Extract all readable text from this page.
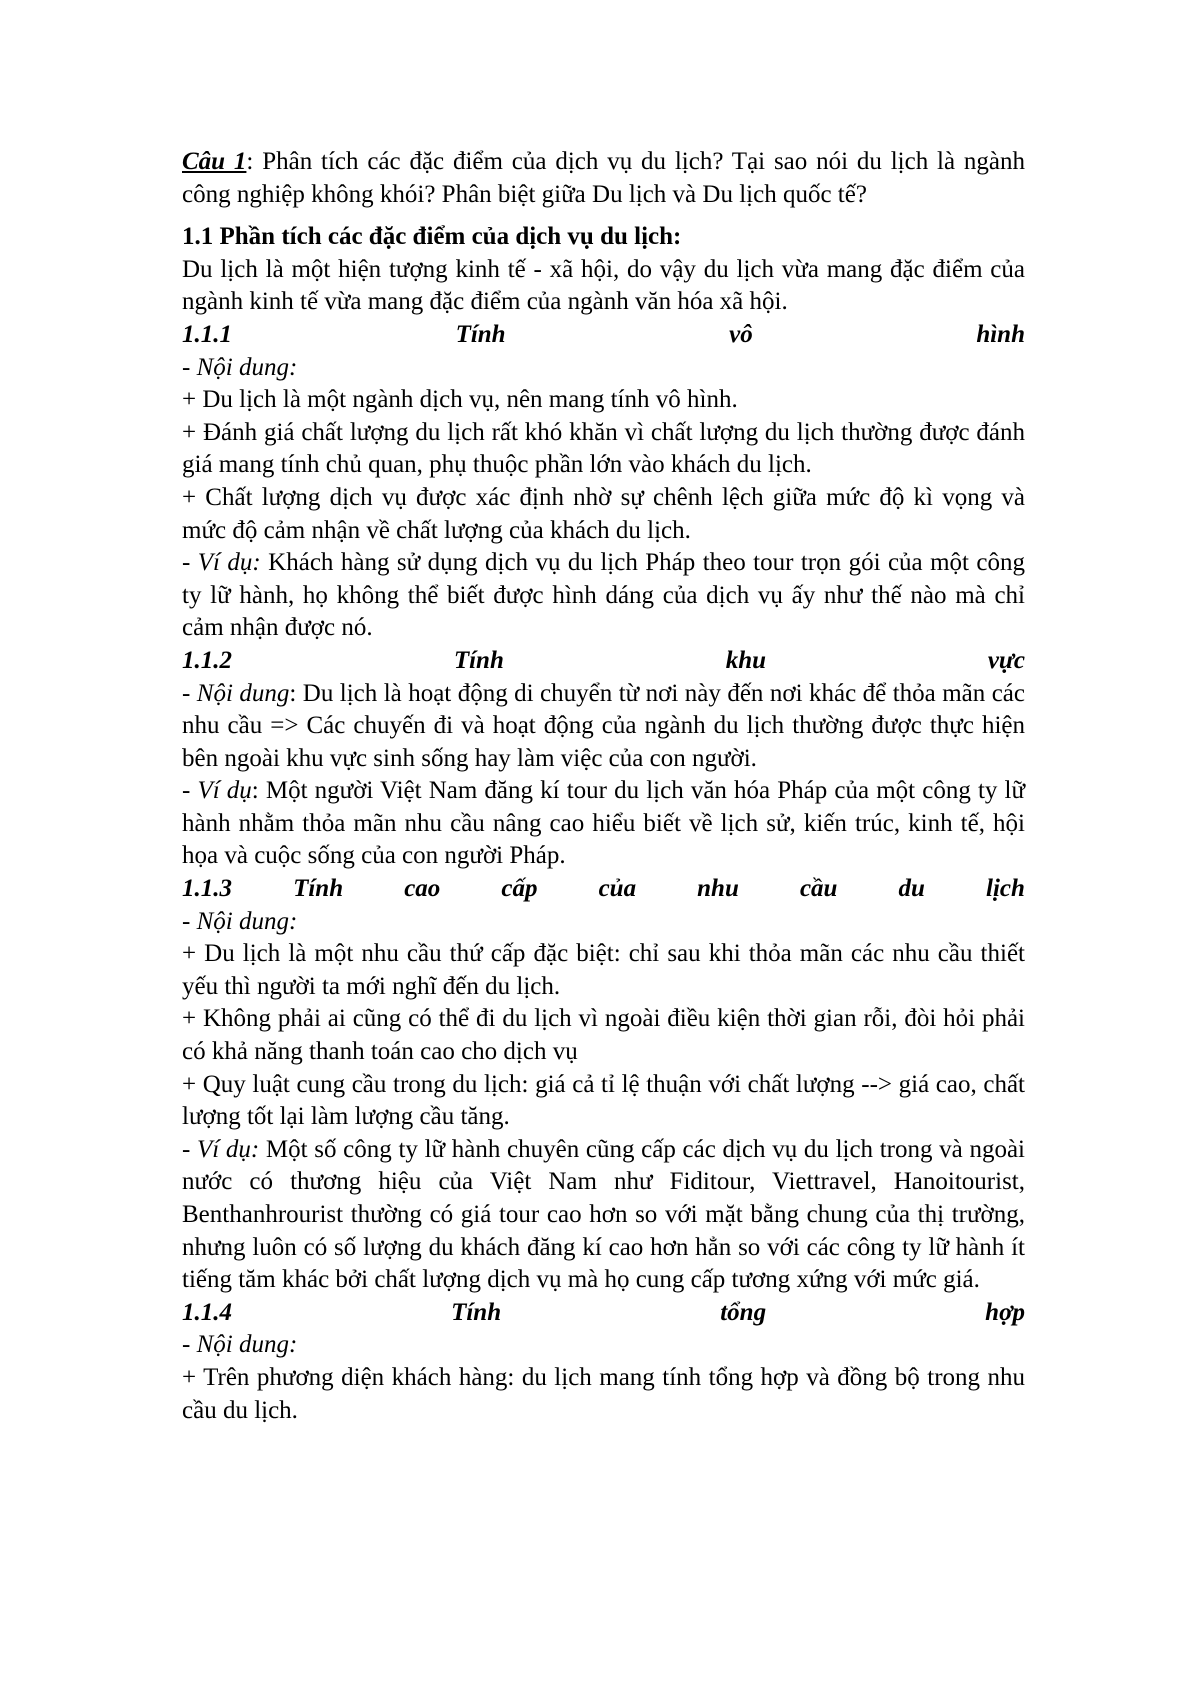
Câu 1: Phân tích các đặc điểm của dịch vụ du lịch? Tại sao nói du lịch là ngành công nghiệp không khói? Phân biệt giữa Du lịch và Du lịch quốc tế?

1.1 Phần tích các đặc điểm của dịch vụ du lịch:

Du lịch là một hiện tượng kinh tế - xã hội, do vậy du lịch vừa mang đặc điểm của ngành kinh tế vừa mang đặc điểm của ngành văn hóa xã hội.

1.1.1	Tính	vô	hình

- Nội dung:

+ Du lịch là một ngành dịch vụ, nên mang tính vô hình.

+ Đánh giá chất lượng du lịch rất khó khăn vì chất lượng du lịch thường được đánh giá mang tính chủ quan, phụ thuộc phần lớn vào khách du lịch.

+ Chất lượng dịch vụ được xác định nhờ sự chênh lệch giữa mức độ kì vọng và mức độ cảm nhận về chất lượng của khách du lịch.

- Ví dụ: Khách hàng sử dụng dịch vụ du lịch Pháp theo tour trọn gói của một công ty lữ hành, họ không thể biết được hình dáng của dịch vụ ấy như thế nào mà chỉ cảm nhận được nó.

1.1.2	Tính	khu	vực

- Nội dung: Du lịch là hoạt động di chuyển từ nơi này đến nơi khác để thỏa mãn các nhu cầu => Các chuyến đi và hoạt động của ngành du lịch thường được thực hiện bên ngoài khu vực sinh sống hay làm việc của con người.

- Ví dụ: Một người Việt Nam đăng kí tour du lịch văn hóa Pháp của một công ty lữ hành nhằm thỏa mãn nhu cầu nâng cao hiểu biết về lịch sử, kiến trúc, kinh tế, hội họa và cuộc sống của con người Pháp.

1.1.3 Tính cao cấp của nhu cầu du lịch

- Nội dung:

+ Du lịch là một nhu cầu thứ cấp đặc biệt: chỉ sau khi thỏa mãn các nhu cầu thiết yếu thì người ta mới nghĩ đến du lịch.

+ Không phải ai cũng có thể đi du lịch vì ngoài điều kiện thời gian rỗi, đòi hỏi phải có khả năng thanh toán cao cho dịch vụ

+ Quy luật cung cầu trong du lịch: giá cả tỉ lệ thuận với chất lượng --> giá cao, chất lượng tốt lại làm lượng cầu tăng.

- Ví dụ: Một số công ty lữ hành chuyên cũng cấp các dịch vụ du lịch trong và ngoài nước có thương hiệu của Việt Nam như Fiditour, Viettravel, Hanoitourist, Benthanhrourist thường có giá tour cao hơn so với mặt bằng chung của thị trường, nhưng luôn có số lượng du khách đăng kí cao hơn hẳn so với các công ty lữ hành ít tiếng tăm khác bởi chất lượng dịch vụ mà họ cung cấp tương xứng với mức giá.

1.1.4	Tính	tổng	hợp

- Nội dung:

+ Trên phương diện khách hàng: du lịch mang tính tổng hợp và đồng bộ trong nhu cầu du lịch.
